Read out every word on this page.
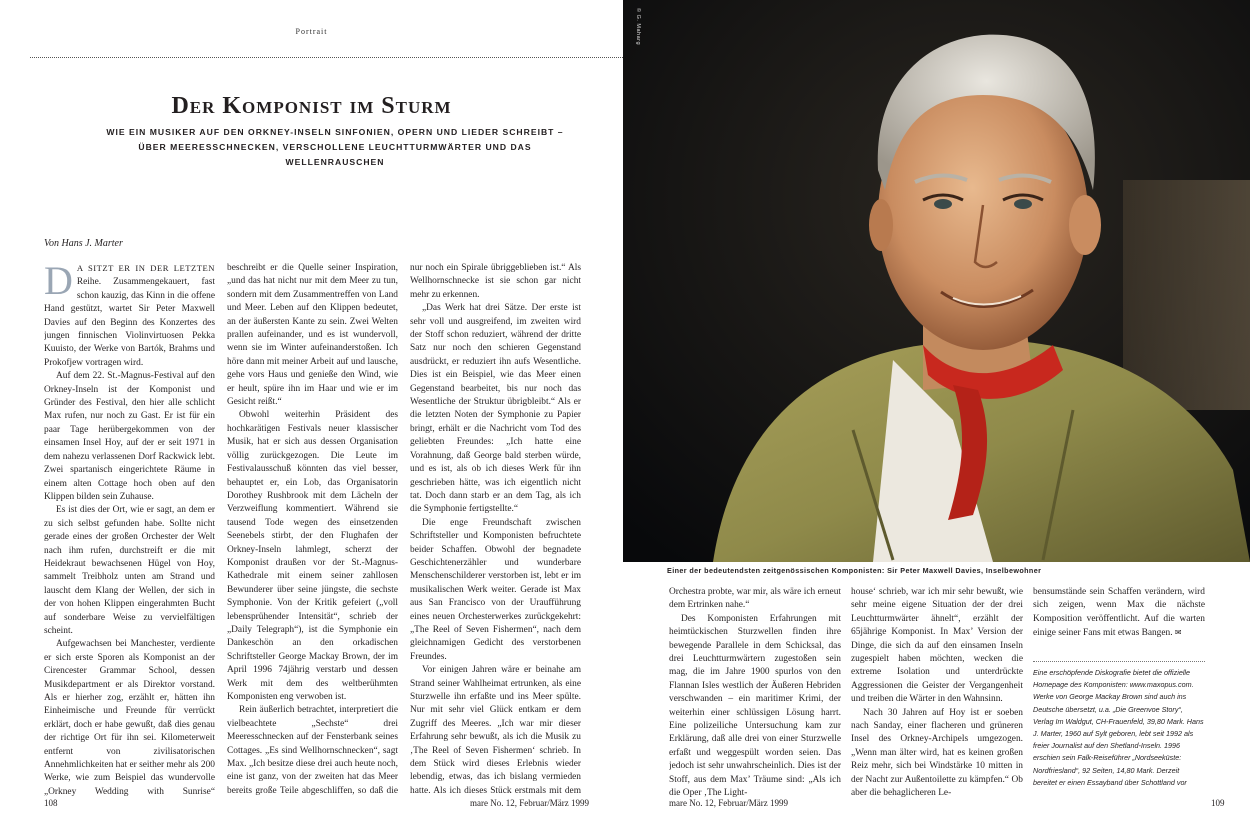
Portrait
Der Komponist im Sturm
WIE EIN MUSIKER AUF DEN ORKNEY-INSELN SINFONIEN, OPERN UND LIEDER SCHREIBT –
ÜBER MEERESSCHNECKEN, VERSCHOLLENE LEUCHTTURMWÄRTER UND DAS WELLENRAUSCHEN
Von Hans J. Marter

DA SITZT ER IN DER LETZTEN Reihe. Zusammengekauert, fast schon kauzig, das Kinn in die offene Hand gestützt, wartet Sir Peter Maxwell Davies auf den Beginn des Konzertes des jungen finnischen Violinvirtuosen Pekka Kuuisto, der Werke von Bartók, Brahms und Prokofjew vortragen wird.

Auf dem 22. St.-Magnus-Festival auf den Orkney-Inseln ist der Komponist und Gründer des Festival, den hier alle schlicht Max rufen, nur noch zu Gast. Er ist für ein paar Tage herübergekommen von der einsamen Insel Hoy, auf der er seit 1971 in dem nahezu verlassenen Dorf Rackwick lebt. Zwei spartanisch eingerichtete Räume in einem alten Cottage hoch oben auf den Klippen bilden sein Zuhause.

Es ist dies der Ort, wie er sagt, an dem er zu sich selbst gefunden habe. Sollte nicht gerade eines der großen Orchester der Welt nach ihm rufen, durchstreift er die mit Heidekraut bewachsenen Hügel von Hoy, sammelt Treibholz unten am Strand und lauscht dem Klang der Wellen, der sich in der von hohen Klippen eingerahmten Bucht auf sonderbare Weise zu vervielfältigen scheint.

Aufgewachsen bei Manchester, verdiente er sich erste Sporen als Komponist an der Cirencester Grammar School, dessen Musikdepartment er als Direktor vorstand. Als er hierher zog, erzählt er, hätten ihn Einheimische und Freunde für verrückt erklärt, doch er habe gewußt, daß dies genau der richtige Ort für ihn sei. Kilometerweit entfernt von zivilisatorischen Annehmlichkeiten hat er seither mehr als 200 Werke, wie zum Beispiel das wundervolle „Orkney Wedding with Sunrise“

beschreibt er die Quelle seiner Inspiration, „und das hat nicht nur mit dem Meer zu tun, sondern mit dem Zusammentreffen von Land und Meer. Leben auf den Klippen bedeutet, an der äußersten Kante zu sein. Zwei Welten prallen aufeinander, und es ist wundervoll, wenn sie im Winter aufeinanderstoßen. Ich höre dann mit meiner Arbeit auf und lausche, gehe vors Haus und genieße den Wind, wie er heult, spüre ihn im Haar und wie er im Gesicht reißt.“

Obwohl weiterhin Präsident des hochkarätigen Festivals neuer klassischer Musik, hat er sich aus dessen Organisation völlig zurückgezogen. Die Leute im Festivalausschuß könnten das viel besser, behauptet er, ein Lob, das Organisatorin Dorothey Rushbrook mit dem Lächeln der Verzweiflung kommentiert. Während sie tausend Tode wegen des einsetzenden Seenebels stirbt, der den Flughafen der Orkney-Inseln lahmlegt, scherzt der Komponist draußen vor der St.-Magnus-Kathedrale mit einem seiner zahllosen Bewunderer über seine jüngste, die sechste Symphonie. Von der Kritik gefeiert („voll lebensprühender Intensität“, schrieb der „Daily Telegraph“), ist die Symphonie ein Dankeschön an den orkadischen Schriftsteller George Mackay Brown, der im April 1996 74jährig verstarb und dessen Werk mit dem des weltberühmten Komponisten eng verwoben ist.

Rein äußerlich betrachtet, interpretiert die vielbeachtete „Sechste“ drei Meeresschnecken auf der Fensterbank seines Cottages. „Es sind Wellhornschnecken“, sagt Max. „Ich besitze diese drei auch heute noch, eine ist ganz, von der zweiten hat das Meer bereits große Teile abgeschliffen, so daß die

nur noch ein Spirale übriggeblieben ist.“ Als Wellhornschnecke ist sie schon gar nicht mehr zu erkennen.

„Das Werk hat drei Sätze. Der erste ist sehr voll und ausgreifend, im zweiten wird der Stoff schon reduziert, während der dritte Satz nur noch den schieren Gegenstand ausdrückt, er reduziert ihn aufs Wesentliche. Dies ist ein Beispiel, wie das Meer einen Gegenstand bearbeitet, bis nur noch das Wesentliche der Struktur übrigbleibt.“ Als er die letzten Noten der Symphonie zu Papier bringt, erhält er die Nachricht vom Tod des geliebten Freundes: „Ich hatte eine Vorahnung, daß George bald sterben würde, und es ist, als ob ich dieses Werk für ihn geschrieben hätte, was ich eigentlich nicht tat. Doch dann starb er an dem Tag, als ich die Symphonie fertigstellte.“

Die enge Freundschaft zwischen Schriftsteller und Komponisten befruchtete beider Schaffen. Obwohl der begnadete Geschichtenerzähler und wunderbare Menschenschilderer verstorben ist, lebt er im musikalischen Werk weiter. Gerade ist Max aus San Francisco von der Uraufführung eines neuen Orchesterwerkes zurückgekehrt: „The Reel of Seven Fishermen“, nach dem gleichnamigen Gedicht des verstorbenen Freundes.

Vor einigen Jahren wäre er beinahe am Strand seiner Wahlheimat ertrunken, als eine Sturzwelle ihn erfaßte und ins Meer spülte. Nur mit sehr viel Glück entkam er dem Zugriff des Meeres. „Ich war mir dieser Erfahrung sehr bewußt, als ich die Musik zu ‚The Reel of Seven Fishermen‘ schrieb. In dem Stück wird dieses Erlebnis wieder lebendig, etwas, das ich bislang vermieden hatte. Als ich dieses Stück erstmals mit dem

108	mare No. 12, Februar/März 1999
© G. Maharg
Einer der bedeutendsten zeitgenössischen Komponisten: Sir Peter Maxwell Davies, Inselbewohner

Orchestra probte, war mir, als wäre ich erneut dem Ertrinken nahe.“

Des Komponisten Erfahrungen mit heimtückischen Sturzwellen finden ihre bewegende Parallele in dem Schicksal, das drei Leuchtturmwärtern zugestoßen sein mag, die im Jahre 1900 spurlos von den Flannan Isles westlich der Äußeren Hebriden verschwanden – ein maritimer Krimi, der weiterhin einer schlüssigen Lösung harrt. Eine polizeiliche Untersuchung kam zur Erklärung, daß alle drei von einer Sturzwelle erfaßt und weggespült worden seien. Das jedoch ist sehr unwahrscheinlich. Dies ist der Stoff, aus dem Max’ Träume sind: „Als ich die Oper ‚The Light-

house‘ schrieb, war ich mir sehr bewußt, wie sehr meine eigene Situation der der drei Leuchtturmwärter ähnelt“, erzählt der 65jährige Komponist. In Max’ Version der Dinge, die sich da auf den einsamen Inseln zugespielt haben möchten, wecken die extreme Isolation und unterdrückte Aggressionen die Geister der Vergangenheit und treiben die Wärter in den Wahnsinn.

Nach 30 Jahren auf Hoy ist er soeben nach Sanday, einer flacheren und grüneren Insel des Orkney-Archipels umgezogen. „Wenn man älter wird, hat es keinen großen Reiz mehr, sich bei Windstärke 10 mitten in der Nacht zur Außentoilette zu kämpfen.“ Ob aber die behaglicheren Le-

bensumstände sein Schaffen verändern, wird sich zeigen, wenn Max die nächste Komposition veröffentlicht. Auf die warten einige seiner Fans mit etwas Bangen. ✉

Eine erschöpfende Diskografie bietet die offizielle Homepage des Komponisten: www.maxopus.com. Werke von George Mackay Brown sind auch ins Deutsche übersetzt, u.a. „Die Greenvoe Story“, Verlag Im Waldgut, CH-Frauenfeld, 39,80 Mark. Hans J. Marter, 1960 auf Sylt geboren, lebt seit 1992 als freier Journalist auf den Shetland-Inseln. 1996 erschien sein Falk-Reiseführer „Nordseeküste: Nordfriesland“, 92 Seiten, 14,80 Mark. Derzeit bereitet er einen Essayband über Schottland vor
mare No. 12, Februar/März 1999	109
